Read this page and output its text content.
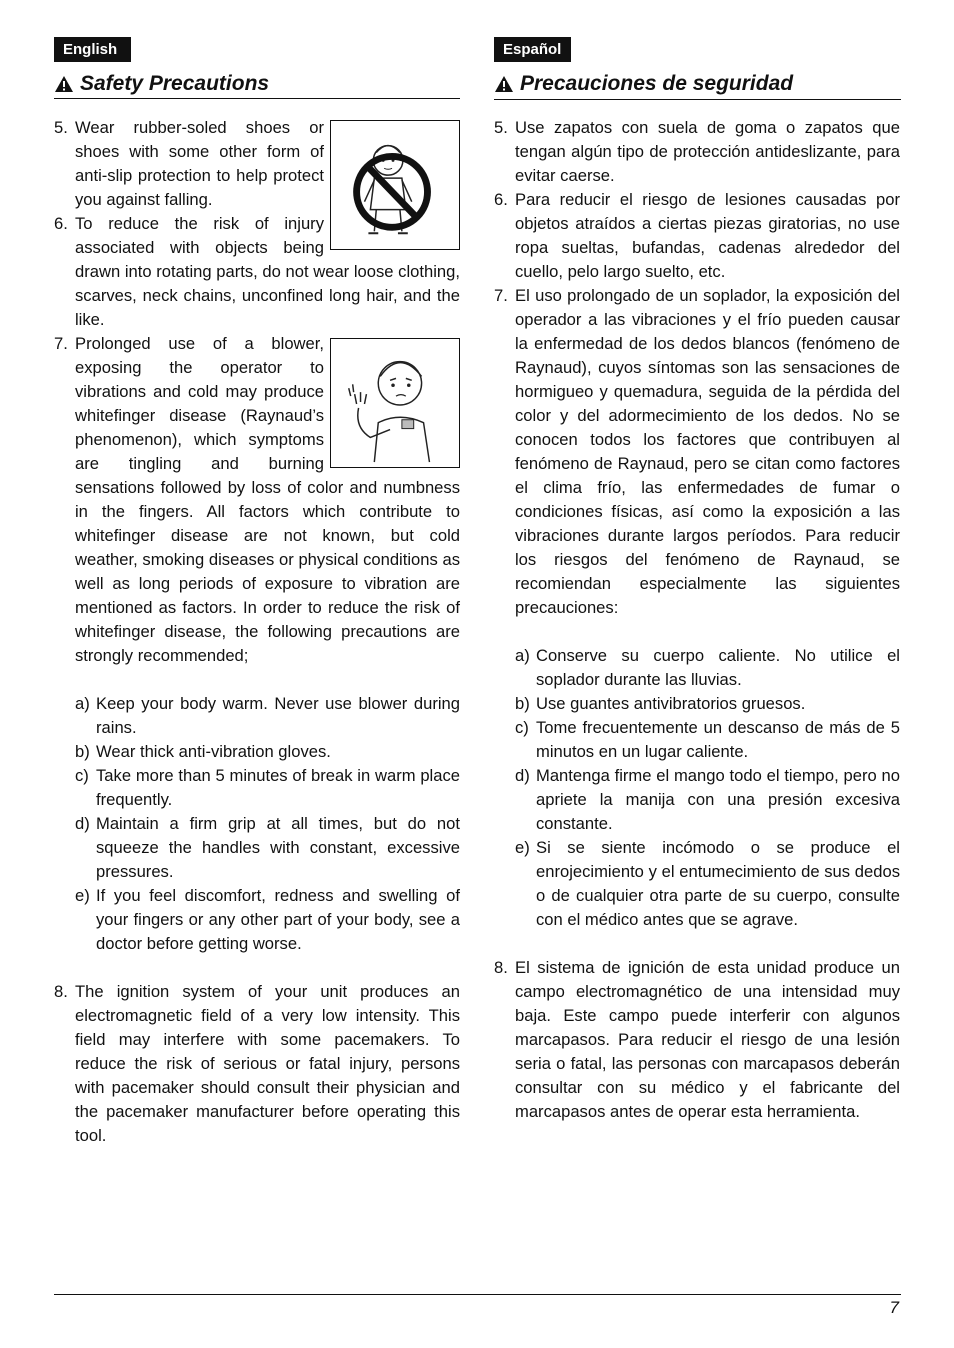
English
Safety Precautions
5. Wear rubber-soled shoes or shoes with some other form of anti-slip protection to help protect you against falling.
6. To reduce the risk of injury associated with objects being drawn into rotating parts, do not wear loose clothing, scarves, neck chains, unconfined long hair, and the like.
7. Prolonged use of a blower, exposing the operator to vibrations and cold may produce whitefinger disease (Raynaud’s phenomenon), which symptoms are tingling and burning sensations followed by loss of color and numbness in the fingers. All factors which contribute to whitefinger disease are not known, but cold weather, smoking diseases or physical conditions as well as long periods of exposure to vibration are mentioned as factors. In order to reduce the risk of whitefinger disease, the following precautions are strongly recommended;
a) Keep your body warm. Never use blower during rains.
b) Wear thick anti-vibration gloves.
c) Take more than 5 minutes of break in warm place frequently.
d) Maintain a firm grip at all times, but do not squeeze the handles with constant, excessive pressures.
e) If you feel discomfort, redness and swelling of your fingers or any other part of your body, see a doctor before getting worse.
8. The ignition system of your unit produces an electromagnetic field of a very low intensity. This field may interfere with some pacemakers. To reduce the risk of serious or fatal injury, persons with pacemaker should consult their physician and the pacemaker manufacturer before operating this tool.
Español
Precauciones de seguridad
5. Use zapatos con suela de goma o zapatos que tengan algún tipo de protección antideslizante, para evitar caerse.
6. Para reducir el riesgo de lesiones causadas por objetos atraídos a ciertas piezas giratorias, no use ropa sueltas, bufandas, cadenas alrededor del cuello, pelo largo suelto, etc.
7. El uso prolongado de un soplador, la exposición del operador a las vibraciones y el frío pueden causar la enfermedad de los dedos blancos (fenómeno de Raynaud), cuyos síntomas son las sensaciones de hormigueo y quemadura, seguida de la pérdida del color y del adormecimiento de los dedos. No se conocen todos los factores que contribuyen al fenómeno de Raynaud, pero se citan como factores el clima frío, las enfermedades de fumar o condiciones físicas, así como la exposición a las vibraciones durante largos períodos. Para reducir los riesgos del fenómeno de Raynaud, se recomiendan especialmente las siguientes precauciones:
a) Conserve su cuerpo caliente. No utilice el soplador durante las lluvias.
b) Use guantes antivibratorios gruesos.
c) Tome frecuentemente un descanso de más de 5 minutos en un lugar caliente.
d) Mantenga firme el mango todo el tiempo, pero no apriete la manija con una presión excesiva constante.
e) Si se siente incómodo o se produce el enrojecimiento y el entumecimiento de sus dedos o de cualquier otra parte de su cuerpo, consulte con el médico antes que se agrave.
8. El sistema de ignición de esta unidad produce un campo electromagnético de una intensidad muy baja. Este campo puede interferir con algunos marcapasos. Para reducir el riesgo de una lesión seria o fatal, las personas con marcapasos deberán consultar con su médico y el fabricante del marcapasos antes de operar esta herramienta.
7
